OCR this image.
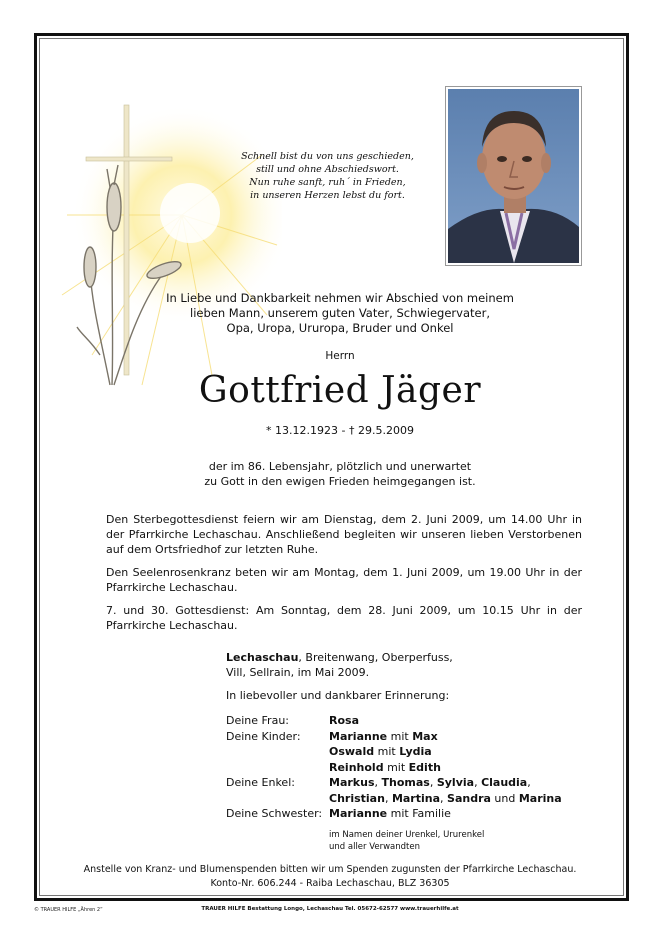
Schnell bist du von uns geschieden,
still und ohne Abschiedswort.
Nun ruhe sanft, ruh´ in Frieden,
in unseren Herzen lebst du fort.
In Liebe und Dankbarkeit nehmen wir Abschied von meinem
lieben Mann, unserem guten Vater, Schwiegervater,
Opa, Uropa, Ururopa, Bruder und Onkel
Herrn
Gottfried Jäger
* 13.12.1923 - † 29.5.2009
der im 86. Lebensjahr, plötzlich und unerwartet
zu Gott in den ewigen Frieden heimgegangen ist.
Den Sterbegottesdienst feiern wir am Dienstag, dem 2. Juni 2009, um 14.00 Uhr in der Pfarrkirche Lechaschau. Anschließend begleiten wir unseren lieben Verstorbenen auf dem Ortsfriedhof zur letzten Ruhe.
Den Seelenrosenkranz beten wir am Montag, dem 1. Juni 2009, um 19.00 Uhr in der Pfarrkirche Lechaschau.
7. und 30. Gottesdienst: Am Sonntag, dem 28. Juni 2009, um 10.15 Uhr in der Pfarrkirche Lechaschau.
Lechaschau, Breitenwang, Oberperfuss,
Vill, Sellrain, im Mai 2009.
In liebevoller und dankbarer Erinnerung:
Deine Frau:	Rosa
Deine Kinder:	Marianne mit Max
Oswald mit Lydia
Reinhold mit Edith
Deine Enkel:	Markus, Thomas, Sylvia, Claudia,
Christian, Martina, Sandra und Marina
Deine Schwester: Marianne mit Familie
im Namen deiner Urenkel, Ururenkel
und aller Verwandten
Anstelle von Kranz- und Blumenspenden bitten wir um Spenden zugunsten der Pfarrkirche Lechaschau.
Konto-Nr. 606.244 - Raiba Lechaschau, BLZ 36305
© TRAUER HILFE „Ähren 2“	TRAUER HILFE Bestattung Longo, Lechaschau Tel. 05672-62577 www.trauerhilfe.at
